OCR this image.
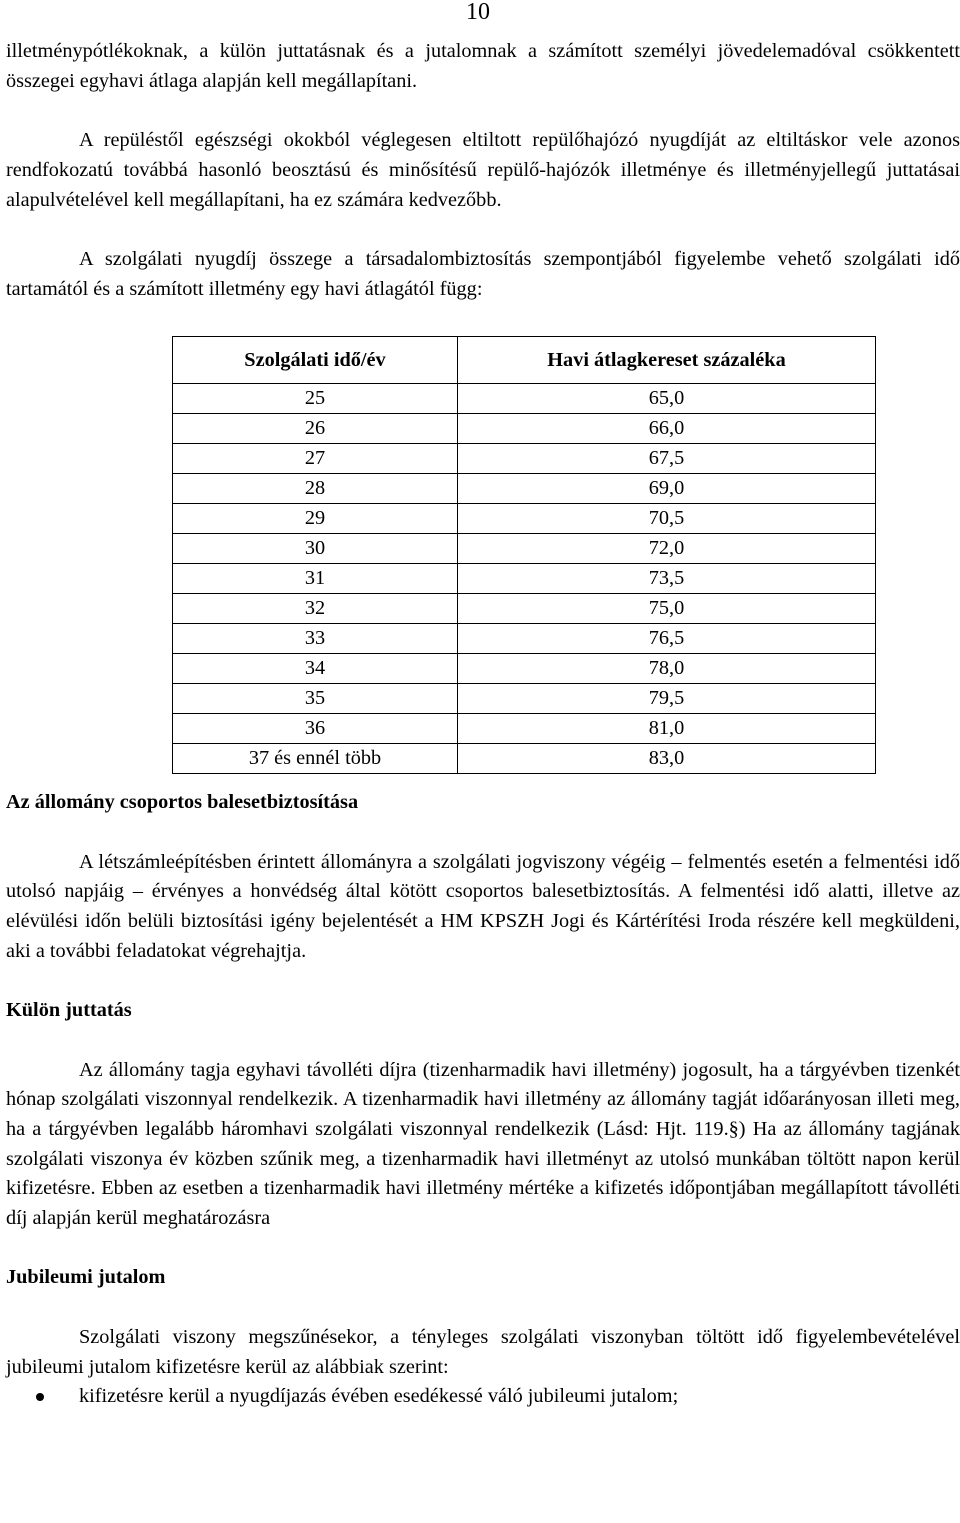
10

illetménypótlékoknak, a külön juttatásnak és a jutalomnak a számított személyi jövedelemadóval csökkentett összegei egyhavi átlaga alapján kell megállapítani.

A repüléstől egészségi okokból véglegesen eltiltott repülőhajózó nyugdíját az eltiltáskor vele azonos rendfokozatú továbbá hasonló beosztású és minősítésű repülő-hajózók illetménye és illetményjellegű juttatásai alapulvételével kell megállapítani, ha ez számára kedvezőbb.

A szolgálati nyugdíj összege a társadalombiztosítás szempontjából figyelembe vehető szolgálati idő tartamától és a számított illetmény egy havi átlagától függ:

Szolgálati idő/év	Havi átlagkereset százaléka
25	65,0
26	66,0
27	67,5
28	69,0
29	70,5
30	72,0
31	73,5
32	75,0
33	76,5
34	78,0
35	79,5
36	81,0
37 és ennél több	83,0

Az állomány csoportos balesetbiztosítása

A létszámleépítésben érintett állományra a szolgálati jogviszony végéig – felmentés esetén a felmentési idő utolsó napjáig – érvényes a honvédség által kötött csoportos balesetbiztosítás. A felmentési idő alatti, illetve az elévülési időn belüli biztosítási igény bejelentését a HM KPSZH Jogi és Kártérítési Iroda részére kell megküldeni, aki a további feladatokat végrehajtja.

Külön juttatás

Az állomány tagja egyhavi távolléti díjra (tizenharmadik havi illetmény) jogosult, ha a tárgyévben tizenkét hónap szolgálati viszonnyal rendelkezik. A tizenharmadik havi illetmény az állomány tagját időarányosan illeti meg, ha a tárgyévben legalább háromhavi szolgálati viszonnyal rendelkezik (Lásd: Hjt. 119.§) Ha az állomány tagjának szolgálati viszonya év közben szűnik meg, a tizenharmadik havi illetményt az utolsó munkában töltött napon kerül kifizetésre. Ebben az esetben a tizenharmadik havi illetmény mértéke a kifizetés időpontjában megállapított távolléti díj alapján kerül meghatározásra

Jubileumi jutalom

Szolgálati viszony megszűnésekor, a tényleges szolgálati viszonyban töltött idő figyelembevételével jubileumi jutalom kifizetésre kerül az alábbiak szerint:

kifizetésre kerül a nyugdíjazás évében esedékessé váló jubileumi jutalom;
